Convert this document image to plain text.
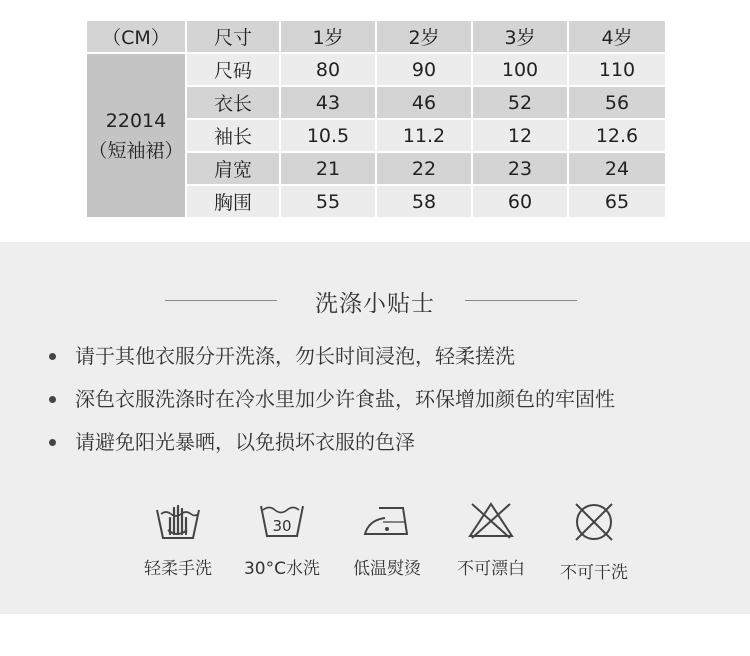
（CM）	尺寸	1岁	2岁	3岁	4岁

22014
（短袖裙）	尺码	80	90	100	110
	衣长	43	46	52	56
	袖长	10.5	11.2	12	12.6
	肩宽	21	22	23	24
	胸围	55	58	60	65
洗涤小贴士
请于其他衣服分开洗涤，勿长时间浸泡，轻柔搓洗
深色衣服洗涤时在冷水里加少许食盐，环保增加颜色的牢固性
请避免阳光暴晒，以免损坏衣服的色泽
轻柔手洗
30
30°C水洗	低温熨烫	不可漂白	不可干洗
